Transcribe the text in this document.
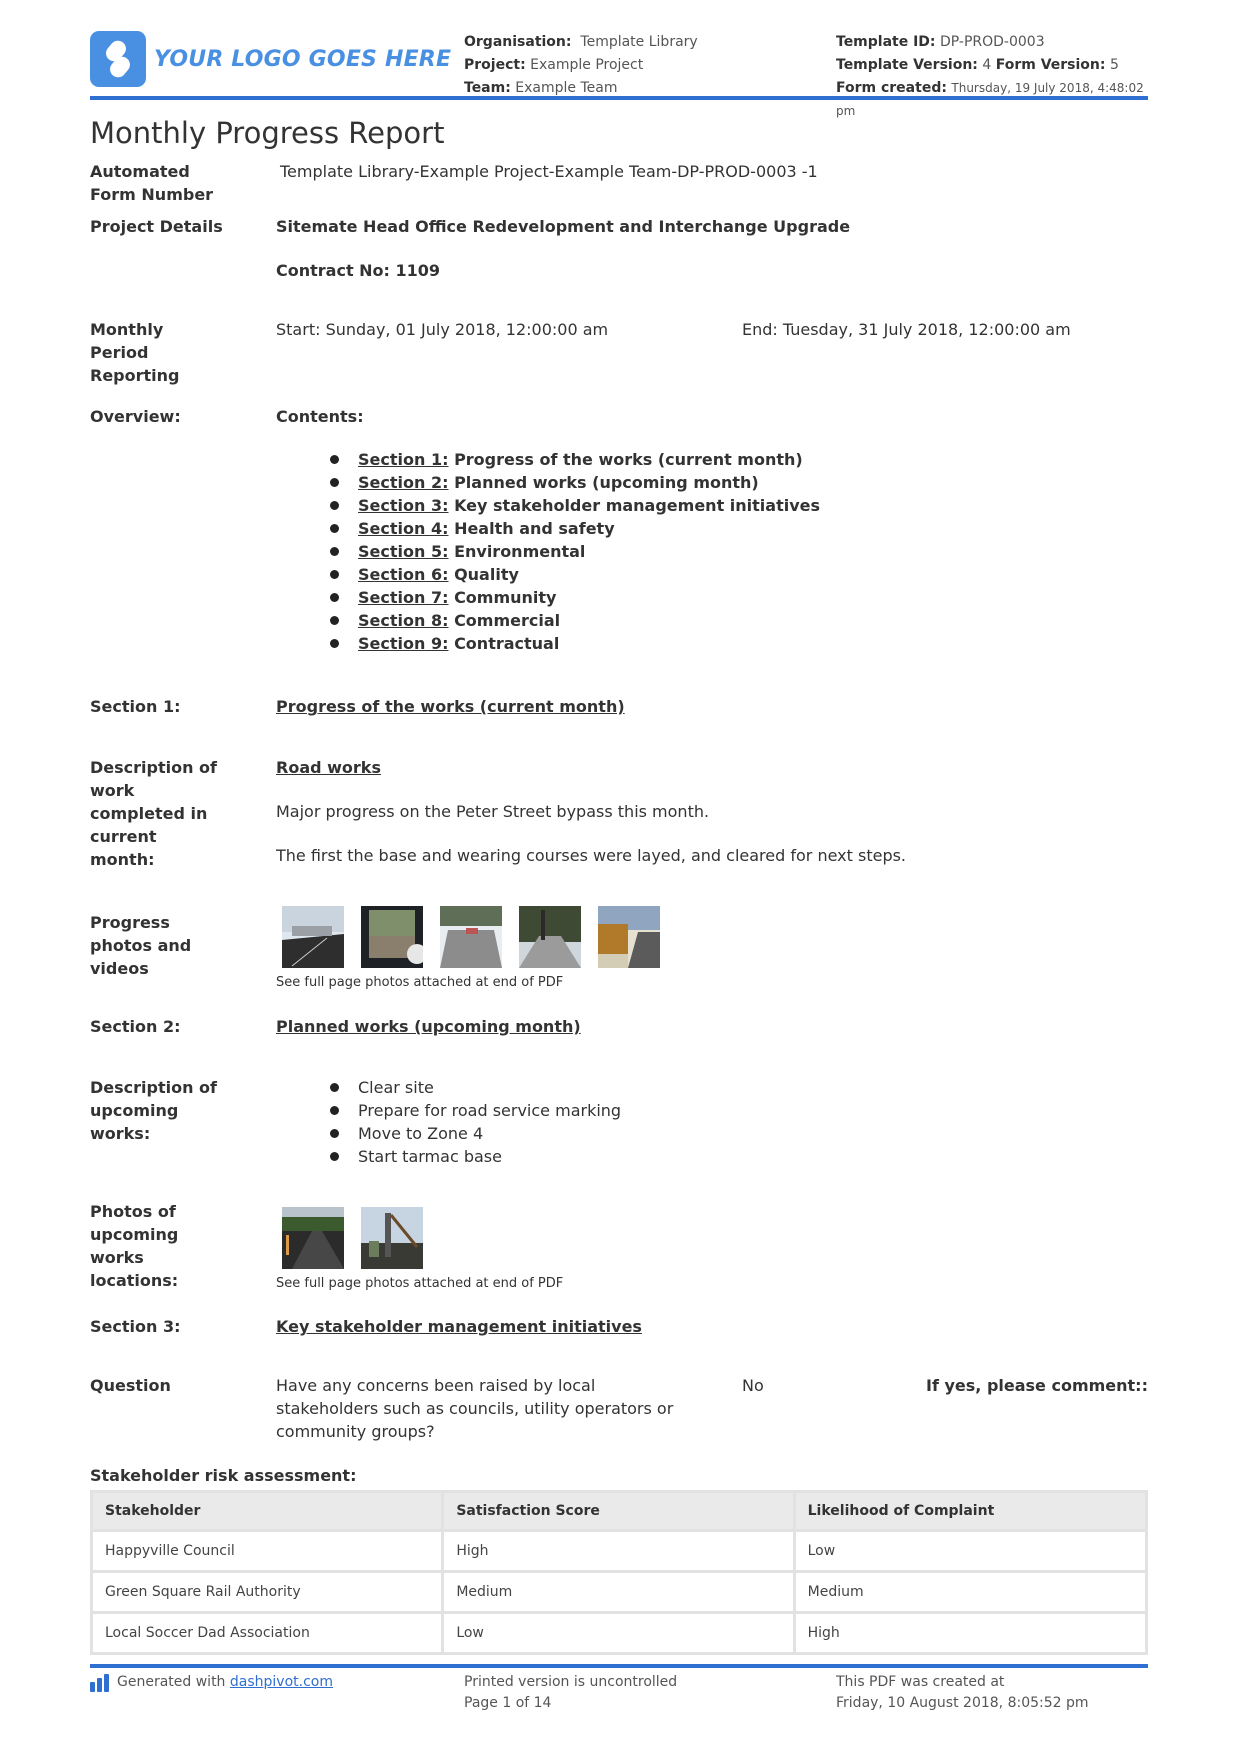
YOUR LOGO GOES HERE
Organisation: Template Library
Project: Example Project
Team: Example Team
Template ID: DP-PROD-0003
Template Version: 4 Form Version: 5
Form created: Thursday, 19 July 2018, 4:48:02 pm
Monthly Progress Report
Automated Form Number
Template Library-Example Project-Example Team-DP-PROD-0003 -1
Project Details	Sitemate Head Office Redevelopment and Interchange Upgrade
Contract No: 1109
Monthly Period Reporting
Start: Sunday, 01 July 2018, 12:00:00 am	End: Tuesday, 31 July 2018, 12:00:00 am
Overview:	Contents:
Section 1: Progress of the works (current month)
Section 2: Planned works (upcoming month)
Section 3: Key stakeholder management initiatives
Section 4: Health and safety
Section 5: Environmental
Section 6: Quality
Section 7: Community
Section 8: Commercial
Section 9: Contractual
Section 1:	Progress of the works (current month)
Description of work completed in current month:
Road works
Major progress on the Peter Street bypass this month.
The first the base and wearing courses were layed, and cleared for next steps.
Progress photos and videos
See full page photos attached at end of PDF
Section 2:	Planned works (upcoming month)
Description of upcoming works:
Clear site
Prepare for road service marking
Move to Zone 4
Start tarmac base
Photos of upcoming works locations:	See full page photos attached at end of PDF
Section 3:	Key stakeholder management initiatives
Question	Have any concerns been raised by local stakeholders such as councils, utility operators or community groups?
No	If yes, please comment::
Stakeholder risk assessment:
Stakeholder	Satisfaction Score	Likelihood of Complaint
Happyville Council	High	Low
Green Square Rail Authority	Medium	Medium
Local Soccer Dad Association	Low	High
Generated with
dashpivot.com	Printed version is uncontrolled
Page 1 of 14
This PDF was created at
Friday, 10 August 2018, 8:05:52 pm
